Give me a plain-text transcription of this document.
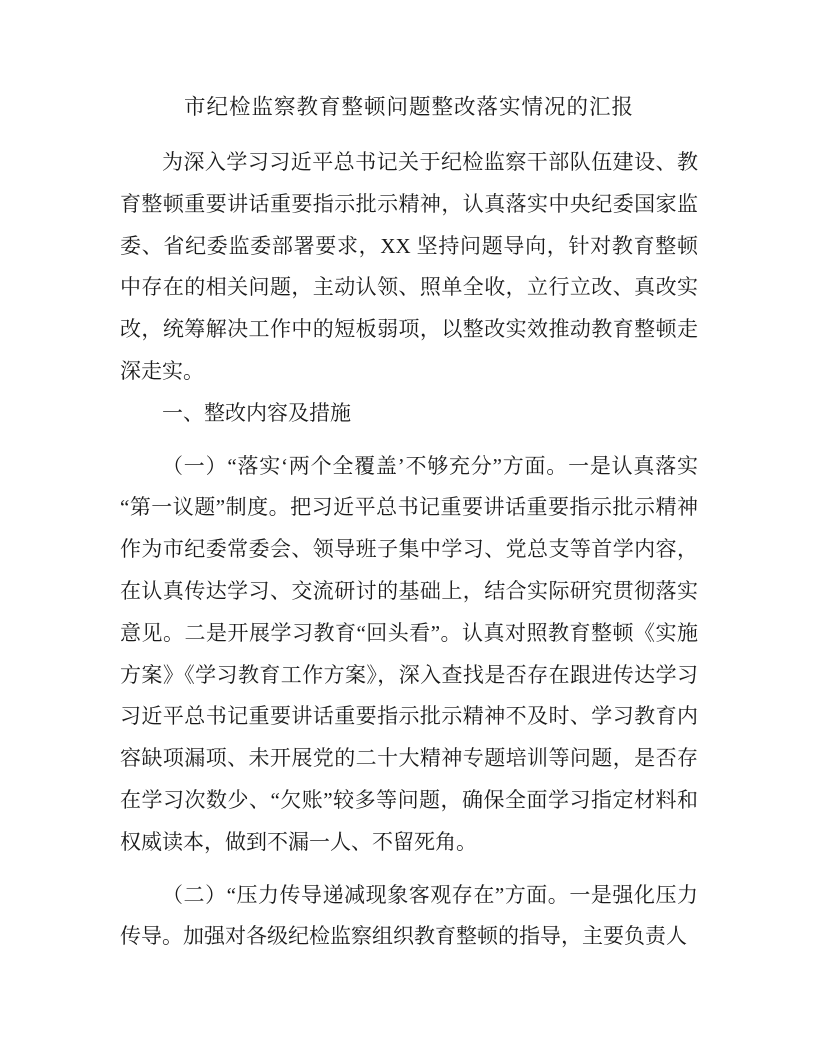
市纪检监察教育整顿问题整改落实情况的汇报

为深入学习习近平总书记关于纪检监察干部队伍建设、教育整顿重要讲话重要指示批示精神，认真落实中央纪委国家监委、省纪委监委部署要求，XX 坚持问题导向，针对教育整顿中存在的相关问题，主动认领、照单全收，立行立改、真改实改，统筹解决工作中的短板弱项，以整改实效推动教育整顿走深走实。

一、整改内容及措施

（一）“落实‘两个全覆盖’不够充分”方面。一是认真落实“第一议题”制度。把习近平总书记重要讲话重要指示批示精神作为市纪委常委会、领导班子集中学习、党总支等首学内容，在认真传达学习、交流研讨的基础上，结合实际研究贯彻落实意见。二是开展学习教育“回头看”。认真对照教育整顿《实施方案》《学习教育工作方案》，深入查找是否存在跟进传达学习习近平总书记重要讲话重要指示批示精神不及时、学习教育内容缺项漏项、未开展党的二十大精神专题培训等问题，是否存在学习次数少、“欠账”较多等问题，确保全面学习指定材料和权威读本，做到不漏一人、不留死角。

（二）“压力传导递减现象客观存在”方面。一是强化压力传导。加强对各级纪检监察组织教育整顿的指导，主要负责人
